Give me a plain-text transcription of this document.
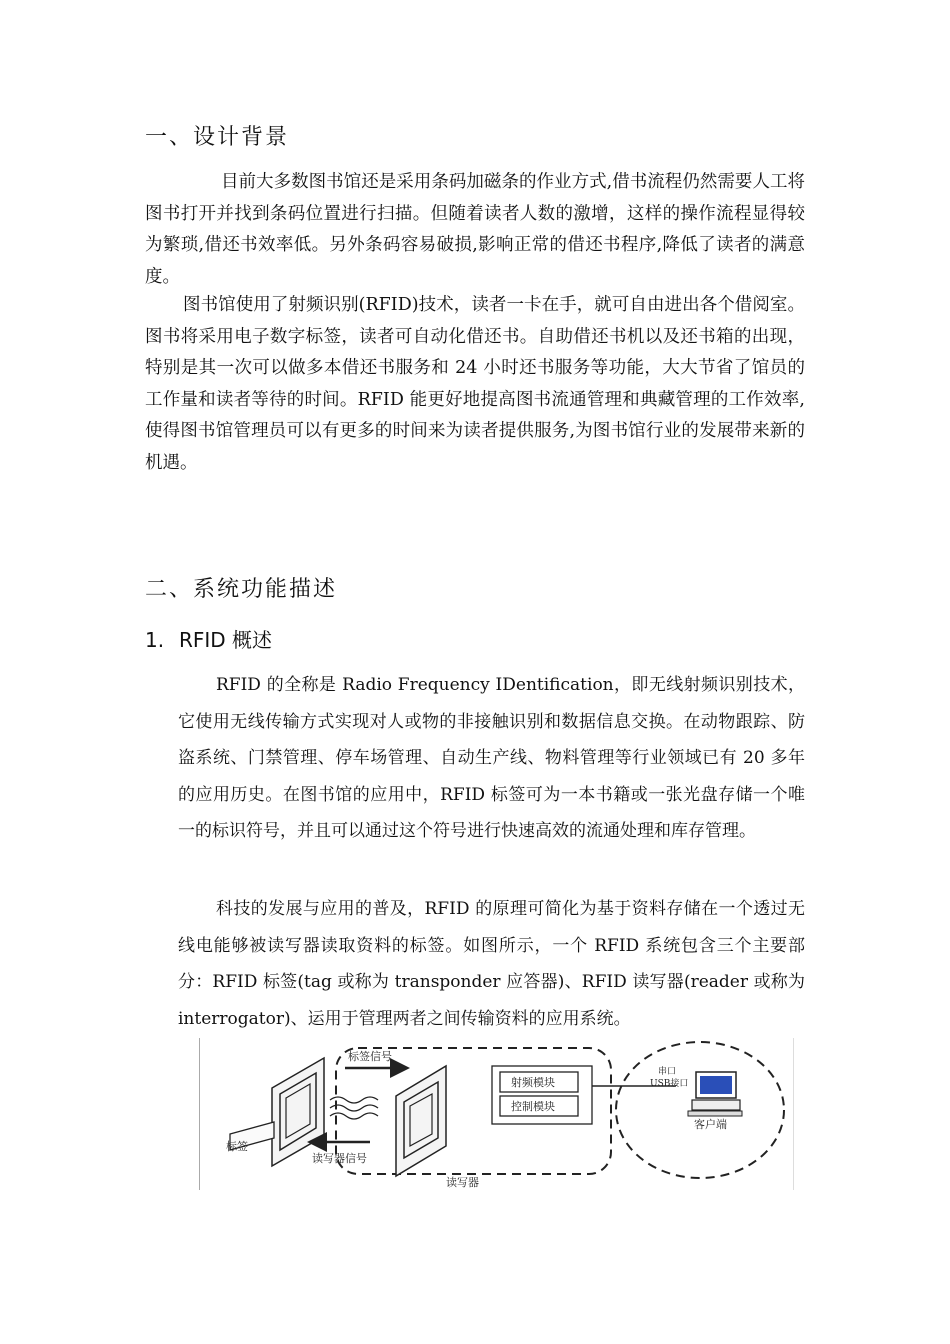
一、设计背景

目前大多数图书馆还是采用条码加磁条的作业方式,借书流程仍然需要人工将图书打开并找到条码位置进行扫描。但随着读者人数的激增，这样的操作流程显得较为繁琐,借还书效率低。另外条码容易破损,影响正常的借还书程序,降低了读者的满意度。

图书馆使用了射频识别(RFID)技术，读者一卡在手，就可自由进出各个借阅室。图书将采用电子数字标签，读者可自动化借还书。自助借还书机以及还书箱的出现，特别是其一次可以做多本借还书服务和 24 小时还书服务等功能，大大节省了馆员的工作量和读者等待的时间。RFID 能更好地提高图书流通管理和典藏管理的工作效率,使得图书馆管理员可以有更多的时间来为读者提供服务,为图书馆行业的发展带来新的机遇。

二、系统功能描述
1. RFID 概述

RFID 的全称是 Radio Frequency IDentification，即无线射频识别技术，它使用无线传输方式实现对人或物的非接触识别和数据信息交换。在动物跟踪、防盗系统、门禁管理、停车场管理、自动生产线、物料管理等行业领域已有 20 多年的应用历史。在图书馆的应用中，RFID 标签可为一本书籍或一张光盘存储一个唯一的标识符号，并且可以通过这个符号进行快速高效的流通处理和库存管理。

科技的发展与应用的普及，RFID 的原理可简化为基于资料存储在一个透过无线电能够被读写器读取资料的标签。如图所示，一个 RFID 系统包含三个主要部分：RFID 标签(tag 或称为 transponder 应答器)、RFID 读写器(reader 或称为 interrogator)、运用于管理两者之间传输资料的应用系统。

标签信号
射频模块
控制模块
串口
USB接口
客户端
标签
读写器信号
读写器
